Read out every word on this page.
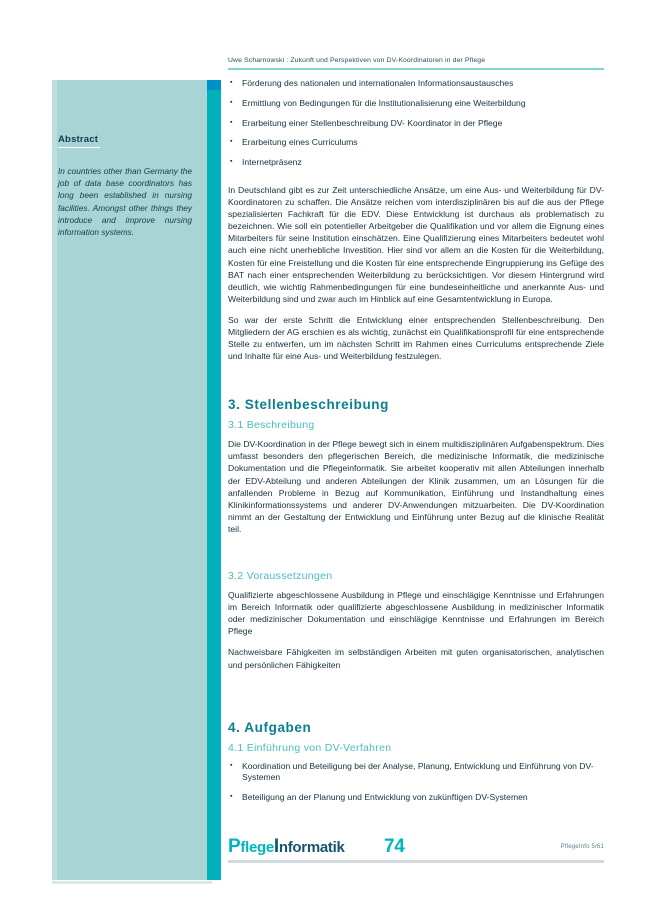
Abstract
In countries other than Germany the job of data base coordinators has long been established in nursing facilities. Amongst other things they introduce and improve nursing information systems.
Uwe Scharnowski : Zukunft und Perspektiven von DV-Koordinatoren in der Pflege
▪ Förderung des nationalen und internationalen Informationsaustausches
▪ Ermittlung von Bedingungen für die Institutionalisierung eine Weiterbildung
▪ Erarbeitung einer Stellenbeschreibung DV- Koordinator in der Pflege
▪ Erarbeitung eines Curriculums
▪ Internetpräsenz

In Deutschland gibt es zur Zeit unterschiedliche Ansätze, um eine Aus- und Weiterbildung für DV- Koordinatoren zu schaffen. Die Ansätze reichen vom interdisziplinären bis auf die aus der Pflege spezialisierten Fachkraft für die EDV. Diese Entwicklung ist durchaus als problematisch zu bezeichnen. Wie soll ein potentieller Arbeitgeber die Qualifikation und vor allem die Eignung eines Mitarbeiters für seine Institution einschätzen. Eine Qualifizierung eines Mitarbeiters bedeutet wohl auch eine nicht unerhebliche Investition. Hier sind vor allem an die Kosten für die Weiterbildung, Kosten für eine Freistellung und die Kosten für eine entsprechende Eingruppierung ins Gefüge des BAT nach einer entsprechenden Weiterbildung zu berücksichtigen. Vor diesem Hintergrund wird deutlich, wie wichtig Rahmenbedingungen für eine bundeseinheitliche und anerkannte Aus- und Weiterbildung sind und zwar auch im Hinblick auf eine Gesamtentwicklung in Europa.

So war der erste Schritt die Entwicklung einer entsprechenden Stellenbeschreibung. Den Mitgliedern der AG erschien es als wichtig, zunächst ein Qualifikationsprofil für eine entsprechende Stelle zu entwerfen, um im nächsten Schritt im Rahmen eines Curriculums entsprechende Ziele und Inhalte für eine Aus- und Weiterbildung festzulegen.

3. Stellenbeschreibung
3.1 Beschreibung

Die DV-Koordination in der Pflege bewegt sich in einem multidisziplinären Aufgabenspektrum. Dies umfasst besonders den pflegerischen Bereich, die medizinische Informatik, die medizinische Dokumentation und die Pflegeinformatik. Sie arbeitet kooperativ mit allen Abteilungen innerhalb der EDV-Abteilung und anderen Abteilungen der Klinik zusammen, um an Lösungen für die anfallenden Probleme in Bezug auf Kommunikation, Einführung und Instandhaltung eines Klinikinformationssystems und anderer DV-Anwendungen mitzuarbeiten. Die DV-Koordination nimmt an der Gestaltung der Entwicklung und Einführung unter Bezug auf die klinische Realität teil.

3.2 Voraussetzungen

Qualifizierte abgeschlossene Ausbildung in Pflege und einschlägige Kenntnisse und Erfahrungen im Bereich Informatik oder qualifizierte abgeschlossene Ausbildung in medizinischer Informatik oder medizinischer Dokumentation und einschlägige Kenntnisse und Erfahrungen im Bereich Pflege

Nachweisbare Fähigkeiten im selbständigen Arbeiten mit guten organisatorischen, analytischen und persönlichen Fähigkeiten

4. Aufgaben
4.1 Einführung von DV-Verfahren
▪ Koordination und Beteiligung bei der Analyse, Planung, Entwicklung und Einführung von DV- Systemen
▪ Beteiligung an der Planung und Entwicklung von zukünftigen DV-Systemen
PflegeInformatik 74	PflegeInfo 5/61
